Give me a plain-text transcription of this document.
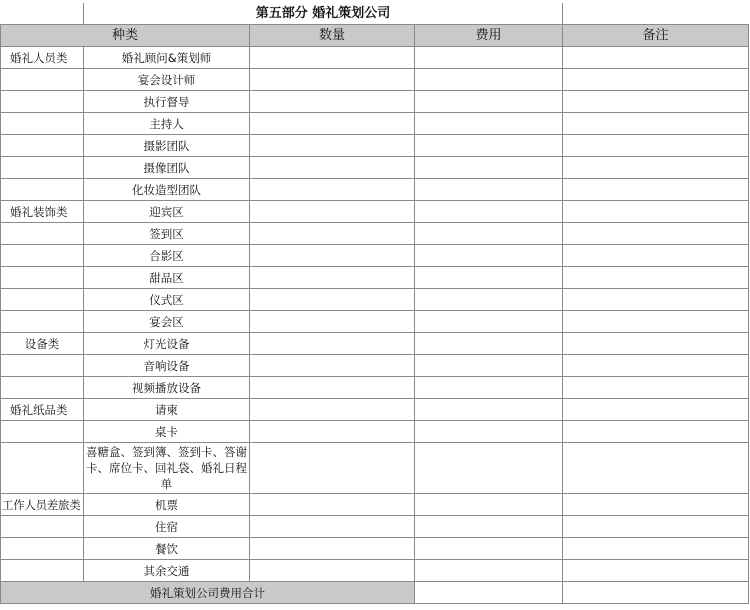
	第五部分 婚礼策划公司			
种类		数量	费用	备注
婚礼人员类	婚礼顾问&策划师			
	宴会设计师			
	执行督导			
	主持人			
	摄影团队			
	摄像团队			
	化妆造型团队			
婚礼装饰类	迎宾区			
	签到区			
	合影区			
	甜品区			
	仪式区			
	宴会区			
设备类	灯光设备			
	音响设备			
	视频播放设备			
婚礼纸品类	请柬			
	桌卡			
	喜糖盒、签到簿、签到卡、答谢卡、席位卡、回礼袋、婚礼日程单			
工作人员差旅类	机票			
	住宿			
	餐饮			
	其余交通			
婚礼策划公司费用合计				
